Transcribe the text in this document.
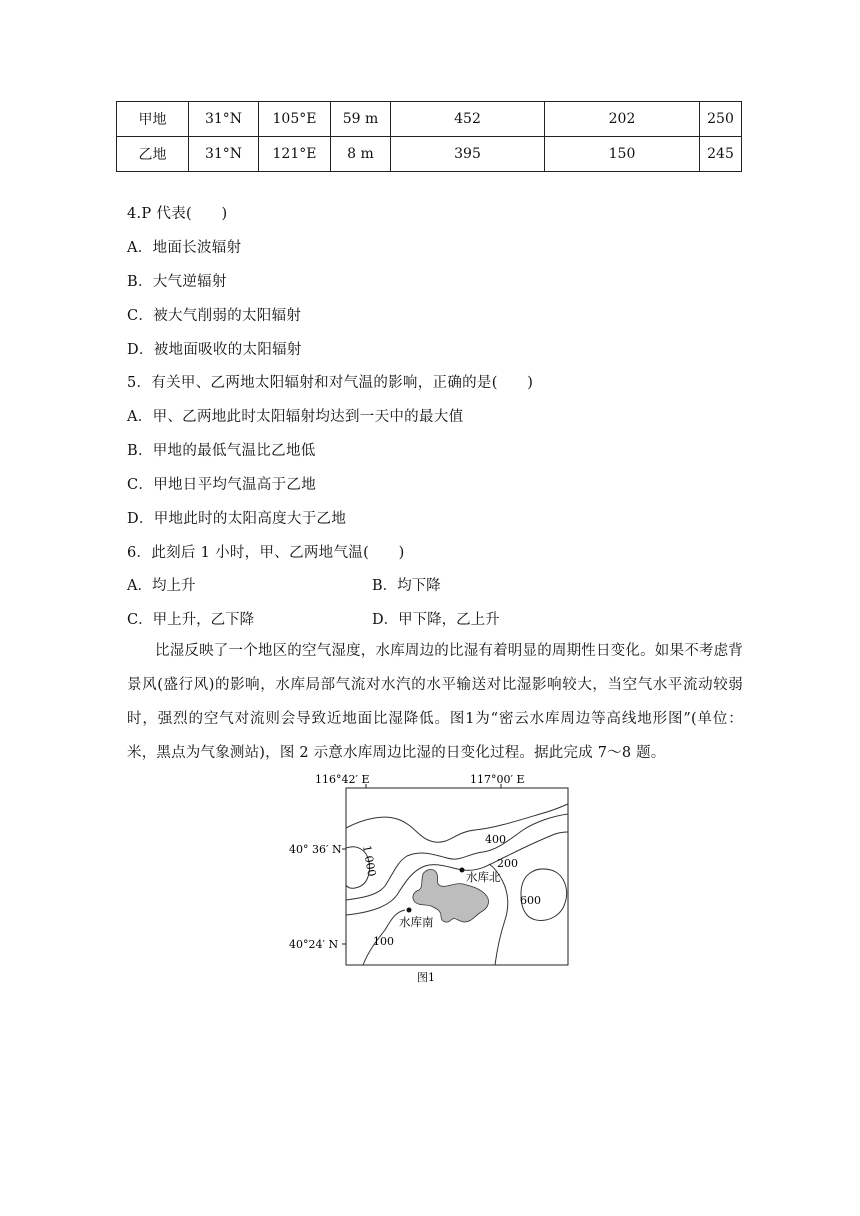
甲地	31°N	105°E	59 m	452	202	250
乙地	31°N	121°E	8 m	395	150	245
4.P 代表(　　)
A．地面长波辐射
B．大气逆辐射
C．被大气削弱的太阳辐射
D．被地面吸收的太阳辐射
5．有关甲、乙两地太阳辐射和对气温的影响，正确的是(　　)
A．甲、乙两地此时太阳辐射均达到一天中的最大值
B．甲地的最低气温比乙地低
C．甲地日平均气温高于乙地
D．甲地此时的太阳高度大于乙地
6．此刻后 1 小时，甲、乙两地气温(　　)
A．均上升	B．均下降
C．甲上升，乙下降	D．甲下降，乙上升
比湿反映了一个地区的空气湿度，水库周边的比湿有着明显的周期性日变化。如果不考虑背景风(盛行风)的影响，水库局部气流对水汽的水平输送对比湿影响较大，当空气水平流动较弱时，强烈的空气对流则会导致近地面比湿降低。图1为“密云水库周边等高线地形图”(单位：米，黑点为气象测站)，图 2 示意水库周边比湿的日变化过程。据此完成 7～8 题。
116°42′ E	117°00′ E
40° 36′ N
40°24′ N
400
200
1 000
600
100
水库北
水库南
图1
